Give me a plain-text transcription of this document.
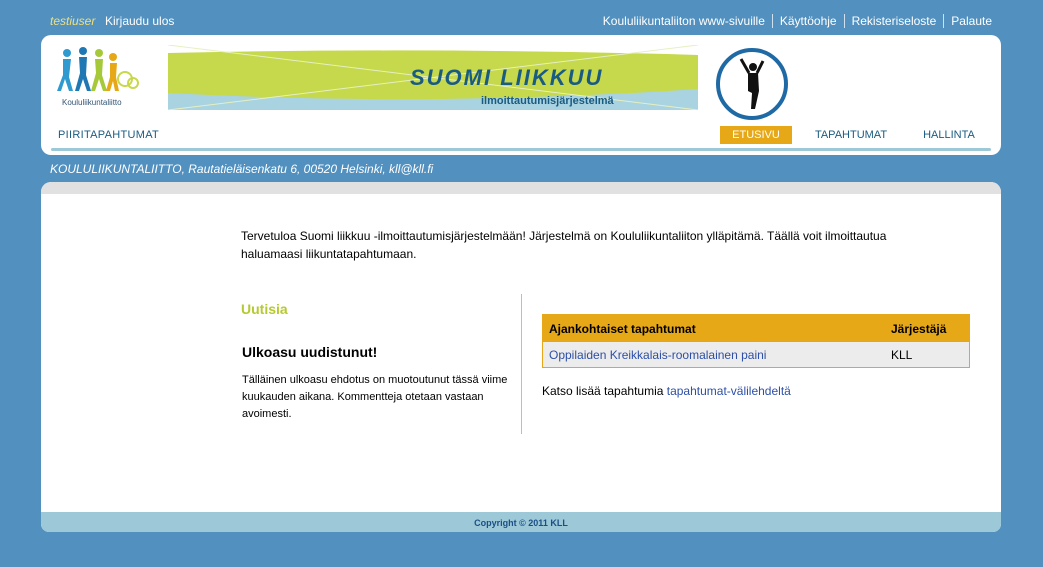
testiuser Kirjaudu ulos	Koululiikuntaliiton www-sivuille Käyttöohje Rekisteriseloste Palaute
Koululiikuntaliitto
SUOMI LIIKKUU
ilmoittautumisjärjestelmä
PIIRITAPAHTUMAT	ETUSIVU	TAPAHTUMAT	HALLINTA
KOULULIIKUNTALIITTO, Rautatieläisenkatu 6, 00520 Helsinki, kll@kll.fi
Tervetuloa Suomi liikkuu -ilmoittautumisjärjestelmään! Järjestelmä on Koululiikuntaliiton ylläpitämä. Täällä voit ilmoittautua haluamaasi liikuntatapahtumaan.
Uutisia
Ulkoasu uudistunut!
Tälläinen ulkoasu ehdotus on muotoutunut tässä viime kuukauden aikana. Kommentteja otetaan vastaan avoimesti.
Ajankohtaiset tapahtumat	Järjestäjä
Oppilaiden Kreikkalais-roomalainen paini	KLL
Katso lisää tapahtumia tapahtumat-välilehdeltä
Copyright © 2011 KLL
